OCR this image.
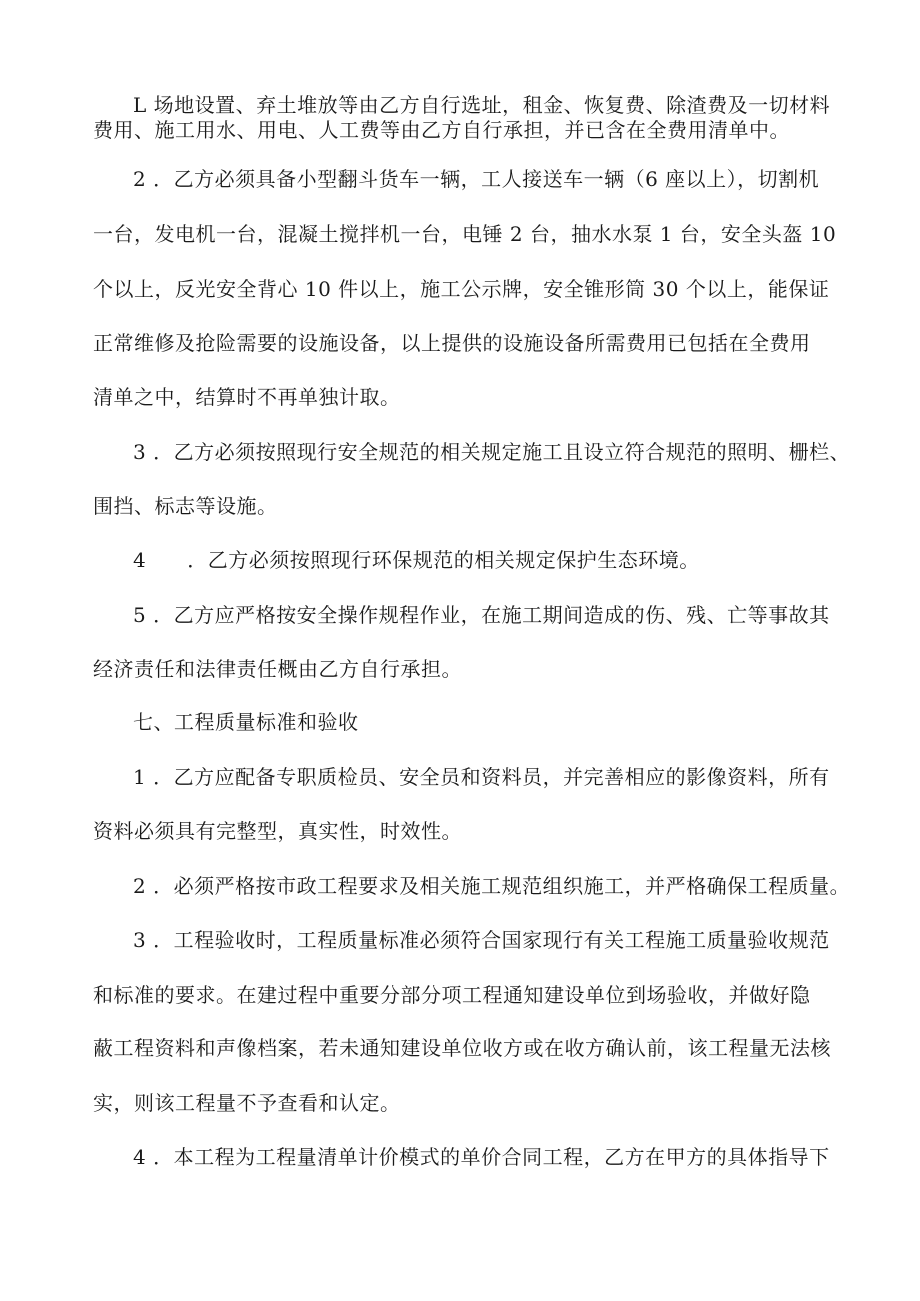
L 场地设置、弃土堆放等由乙方自行选址，租金、恢复费、除渣费及一切材料
费用、施工用水、用电、人工费等由乙方自行承担，并已含在全费用清单中。
2 ．乙方必须具备小型翻斗货车一辆，工人接送车一辆（6 座以上），切割机
一台，发电机一台，混凝土搅拌机一台，电锤 2 台，抽水水泵 1 台，安全头盔 10
个以上，反光安全背心 10 件以上，施工公示牌，安全锥形筒 30 个以上，能保证
正常维修及抢险需要的设施设备，以上提供的设施设备所需费用已包括在全费用
清单之中，结算时不再单独计取。
3 ．乙方必须按照现行安全规范的相关规定施工且设立符合规范的照明、栅栏、
围挡、标志等设施。
4　　．乙方必须按照现行环保规范的相关规定保护生态环境。
5 ．乙方应严格按安全操作规程作业，在施工期间造成的伤、残、亡等事故其
经济责任和法律责任概由乙方自行承担。
七、工程质量标准和验收
1 ．乙方应配备专职质检员、安全员和资料员，并完善相应的影像资料，所有
资料必须具有完整型，真实性，时效性。
2 ．必须严格按市政工程要求及相关施工规范组织施工，并严格确保工程质量。
3 ．工程验收时，工程质量标准必须符合国家现行有关工程施工质量验收规范
和标准的要求。在建过程中重要分部分项工程通知建设单位到场验收，并做好隐
蔽工程资料和声像档案，若未通知建设单位收方或在收方确认前，该工程量无法核
实，则该工程量不予查看和认定。
4 ．本工程为工程量清单计价模式的单价合同工程，乙方在甲方的具体指导下
